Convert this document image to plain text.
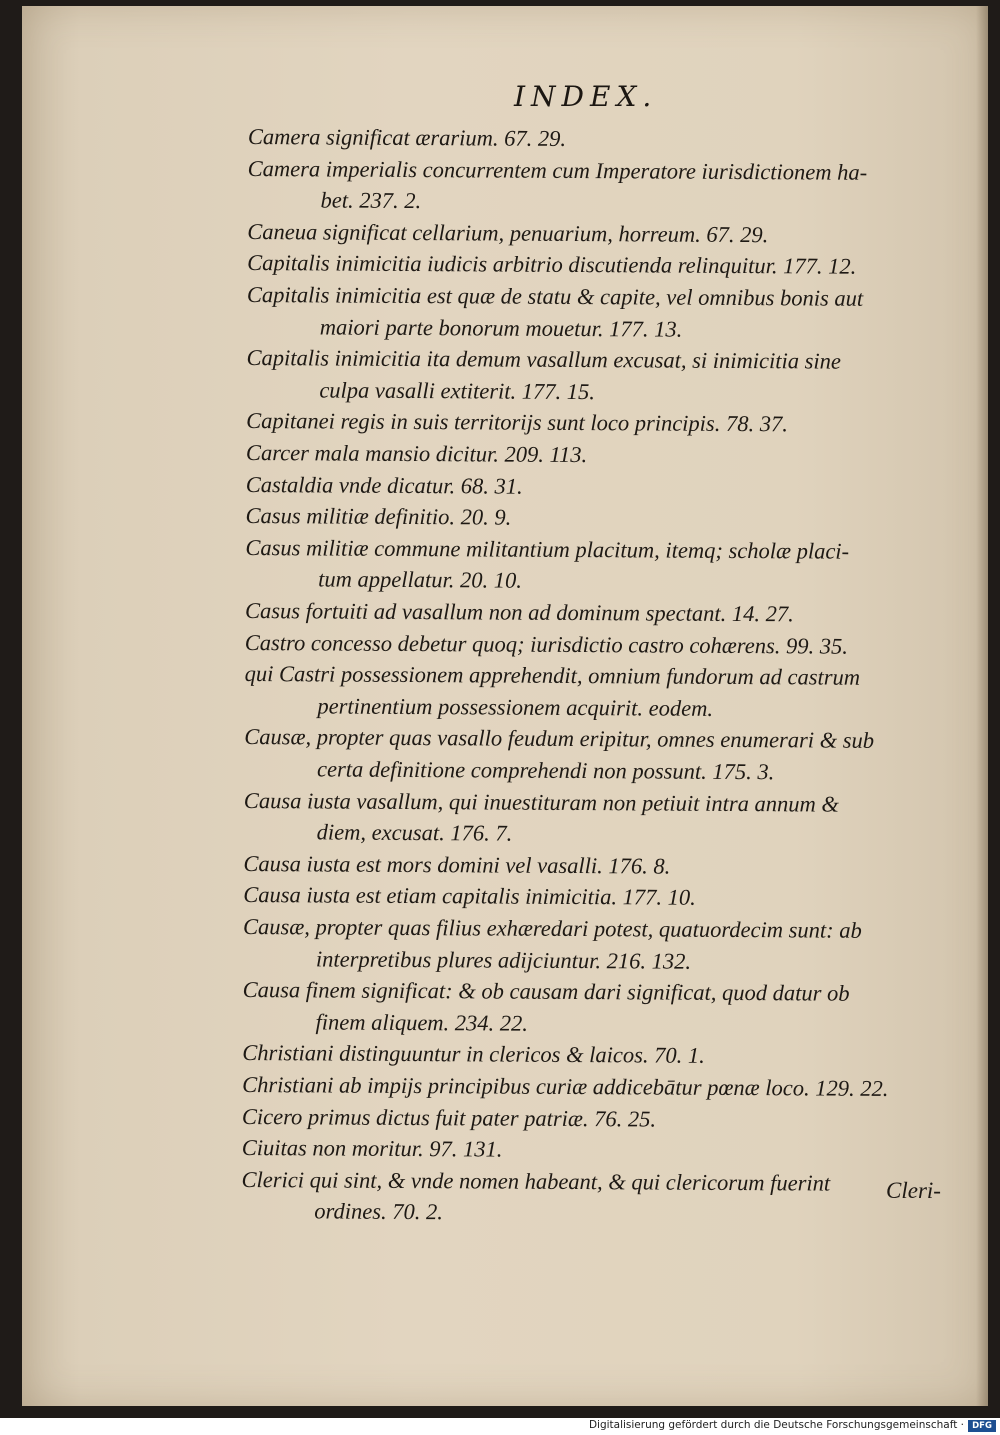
INDEX.
Camera significat ærarium. 67. 29.
Camera imperialis concurrentem cum Imperatore iurisdictionem ha-
bet. 237. 2.
Caneua significat cellarium, penuarium, horreum. 67. 29.
Capitalis inimicitia iudicis arbitrio discutienda relinquitur. 177. 12.
Capitalis inimicitia est quæ de statu & capite, vel omnibus bonis aut
maiori parte bonorum mouetur. 177. 13.
Capitalis inimicitia ita demum vasallum excusat, si inimicitia sine
culpa vasalli extiterit. 177. 15.
Capitanei regis in suis territorijs sunt loco principis. 78. 37.
Carcer mala mansio dicitur. 209. 113.
Castaldia vnde dicatur. 68. 31.
Casus militiæ definitio. 20. 9.
Casus militiæ commune militantium placitum, itemq; scholæ placi-
tum appellatur. 20. 10.
Casus fortuiti ad vasallum non ad dominum spectant. 14. 27.
Castro concesso debetur quoq; iurisdictio castro cohærens. 99. 35.
qui Castri possessionem apprehendit, omnium fundorum ad castrum
pertinentium possessionem acquirit. eodem.
Causæ, propter quas vasallo feudum eripitur, omnes enumerari & sub
certa definitione comprehendi non possunt. 175. 3.
Causa iusta vasallum, qui inuestituram non petiuit intra annum &
diem, excusat. 176. 7.
Causa iusta est mors domini vel vasalli. 176. 8.
Causa iusta est etiam capitalis inimicitia. 177. 10.
Causæ, propter quas filius exhæredari potest, quatuordecim sunt: ab
interpretibus plures adijciuntur. 216. 132.
Causa finem significat: & ob causam dari significat, quod datur ob
finem aliquem. 234. 22.
Christiani distinguuntur in clericos & laicos. 70. 1.
Christiani ab impijs principibus curiæ addicebātur pœnæ loco. 129. 22.
Cicero primus dictus fuit pater patriæ. 76. 25.
Ciuitas non moritur. 97. 131.
Clerici qui sint, & vnde nomen habeant, & qui clericorum fuerint
ordines. 70. 2.
Cleri-
Digitalisierung gefördert durch die Deutsche Forschungsgemeinschaft · DFG
